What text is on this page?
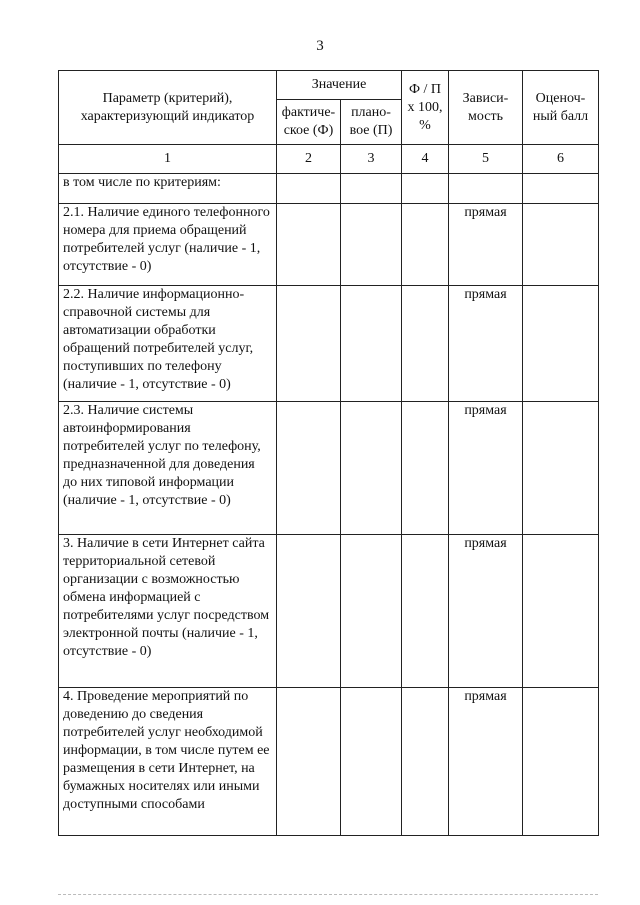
3
Параметр (критерий), характеризующий индикатор	Значение		Ф / П х 100, %	Зависи-мость	Оценоч-ный балл
	фактиче-ское (Ф)	плано-вое (П)			
1	2	3	4	5	6
в том числе по критериям:					
2.1. Наличие единого телефонного номера для приема обращений потребителей услуг (наличие - 1, отсутствие - 0)				прямая	
2.2. Наличие информационно-справочной системы для автоматизации обработки обращений потребителей услуг, поступивших по телефону (наличие - 1, отсутствие - 0)				прямая	
2.3. Наличие системы автоинформирования потребителей услуг по телефону, предназначенной для доведения до них типовой информации (наличие - 1, отсутствие - 0)				прямая	
3. Наличие в сети Интернет сайта территориальной сетевой организации с возможностью обмена информацией с потребителями услуг посредством электронной почты (наличие - 1, отсутствие - 0)				прямая	
4. Проведение мероприятий по доведению до сведения потребителей услуг необходимой информации, в том числе путем ее размещения в сети Интернет, на бумажных носителях или иными доступными способами				прямая	
